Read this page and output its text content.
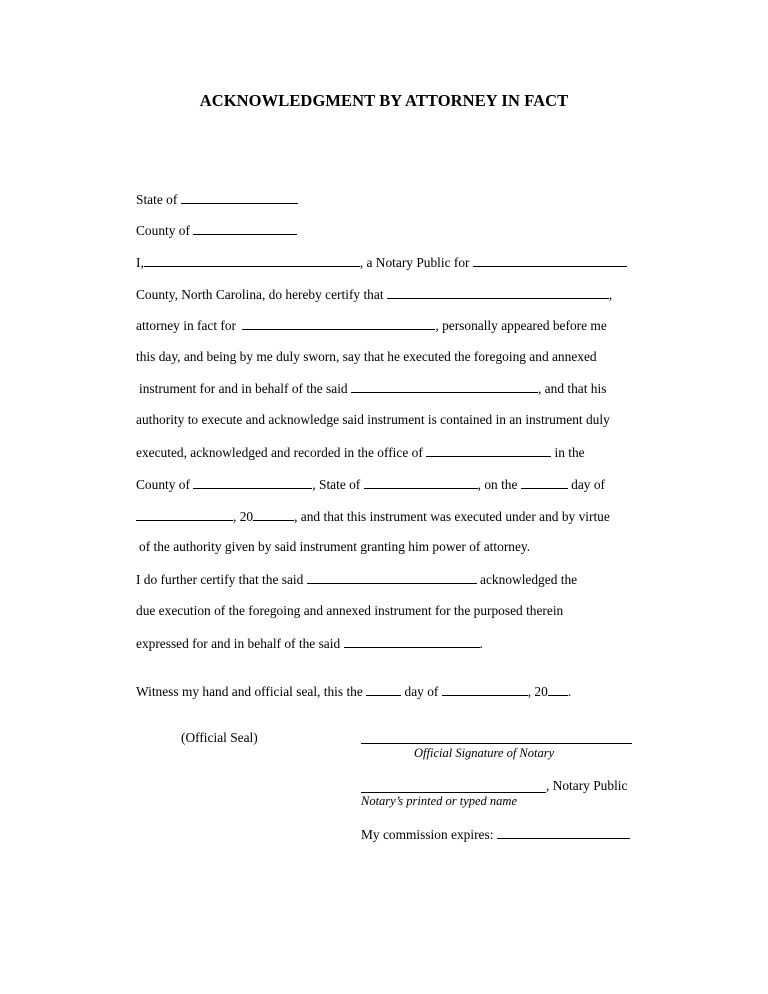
ACKNOWLEDGMENT BY ATTORNEY IN FACT
State of
County of
I,	, a Notary Public for
County, North Carolina, do hereby certify that	,
attorney in fact for	, personally appeared before me
this day, and being by me duly sworn, say that he executed the foregoing and annexed
instrument for and in behalf of the said	, and that his
authority to execute and acknowledge said instrument is contained in an instrument duly
executed, acknowledged and recorded in the office of	in the
County of	, State of	, on the	day of
, 20	, and that this instrument was executed under and by virtue
of the authority given by said instrument granting him power of attorney.
I do further certify that the said	acknowledged the
due execution of the foregoing and annexed instrument for the purposed therein
expressed for and in behalf of the said	.
Witness my hand and official seal, this the	day of	, 20 .
(Official Seal)
Official Signature of Notary
, Notary Public
Notary’s printed or typed name
My commission expires:
